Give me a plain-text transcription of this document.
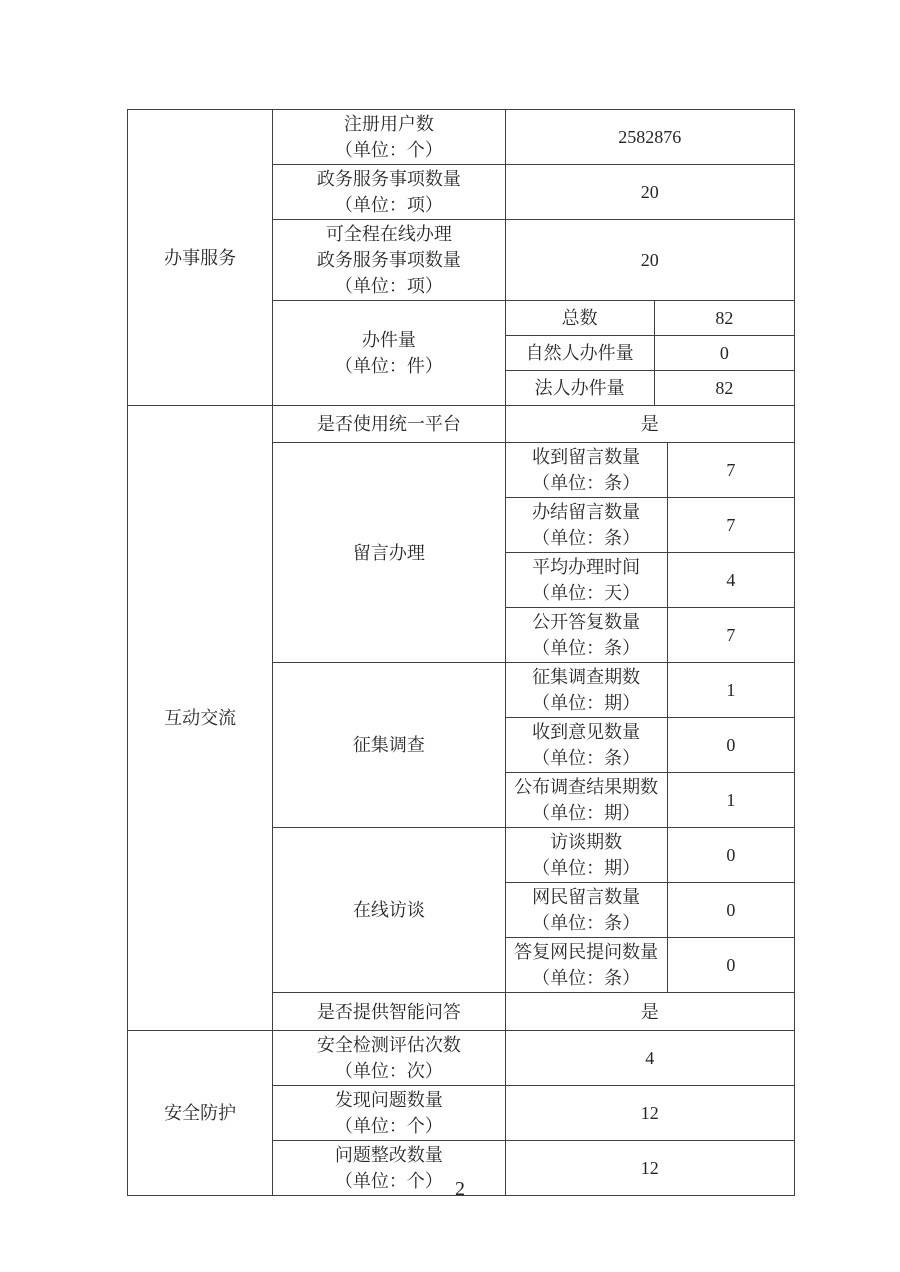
办事服务	注册用户数
（单位：个）	2582876		

	政务服务事项数量
（单位：项）	20		

	可全程在线办理
政务服务事项数量
（单位：项）	20		

	办件量
（单位：件）	总数	82	
		自然人办件量	0	
		法人办件量	82	

互动交流	是否使用统一平台	是		
	留言办理	收到留言数量
（单位：条）		7

		办结留言数量
（单位：条）		7

		平均办理时间
（单位：天）		4

		公开答复数量
（单位：条）		7
	征集调查	征集调查期数
（单位：期）		1

		收到意见数量
（单位：条）		0

		公布调查结果期数
（单位：期）		1
	在线访谈	访谈期数
（单位：期）		0

		网民留言数量
（单位：条）		0

		答复网民提问数量
（单位：条）		0
	是否提供智能问答	是		

安全防护	安全检测评估次数
（单位：次）	4		

	发现问题数量
（单位：个）	12		

	问题整改数量
（单位：个）	12		
2
